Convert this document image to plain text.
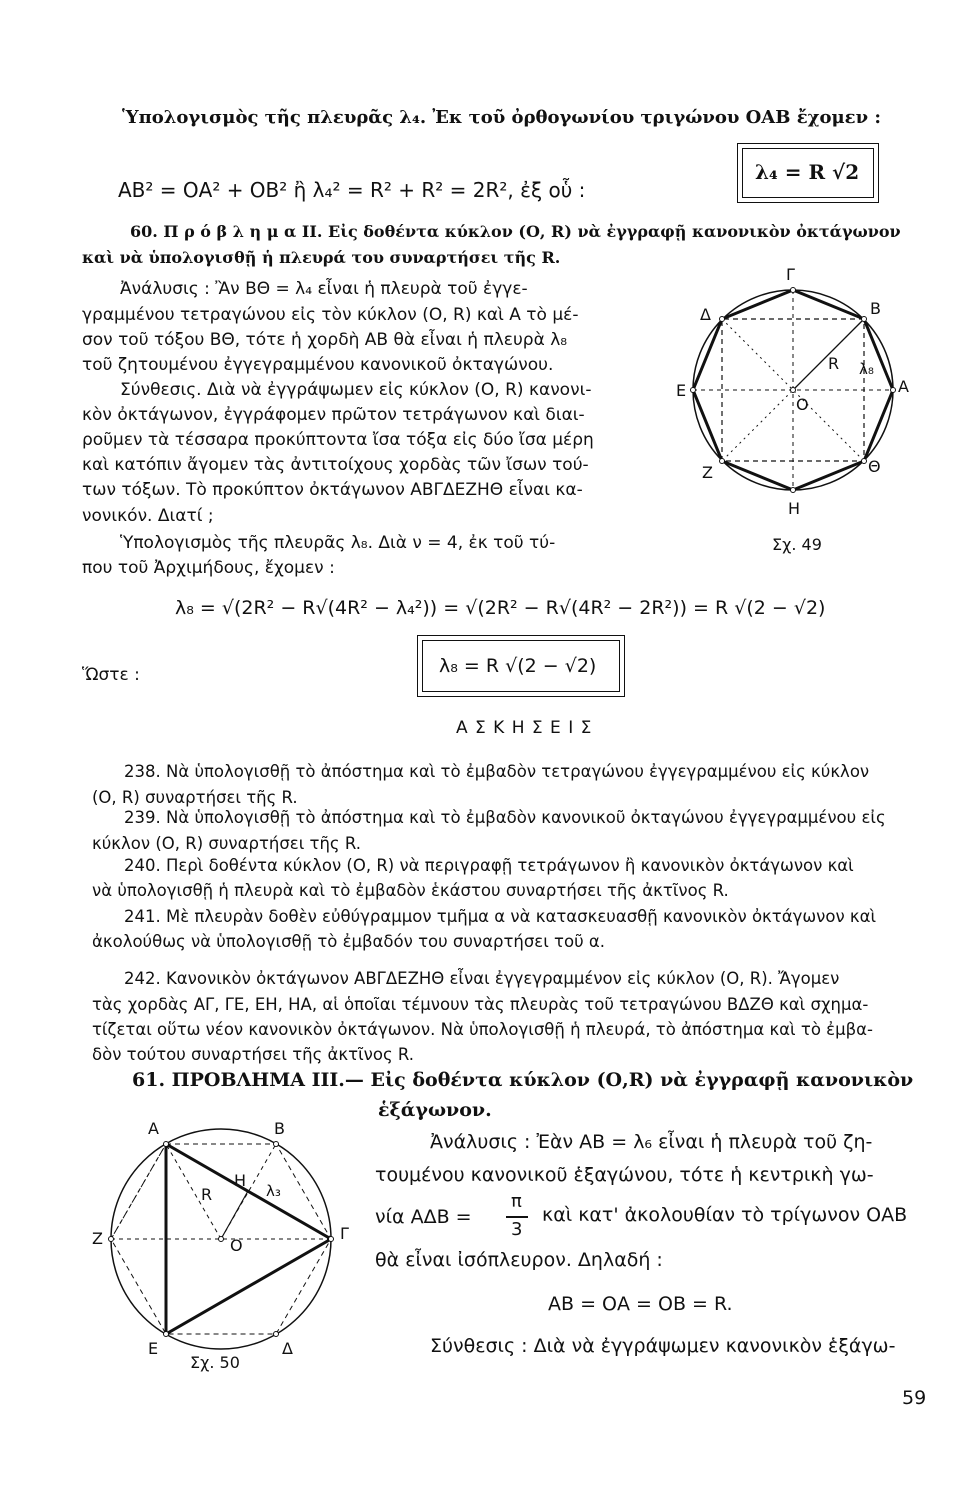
Ὑπολογισμὸς τῆς πλευρᾶς λ₄. Ἐκ τοῦ ὀρθογωνίου τριγώνου ΟΑΒ ἔχομεν :
ΑΒ² = ΟΑ² + ΟΒ² ἢ λ₄² = R² + R² = 2R², ἐξ οὗ :
λ₄ = R √2
60. Π ρ ό β λ η μ α II. Εἰς δοθέντα κύκλον (Ο, R) νὰ ἐγγραφῇ κανονικὸν ὀκτάγωνον
καὶ νὰ ὑπολογισθῇ ἡ πλευρά του συναρτήσει τῆς R.
Ἀνάλυσις : Ἂν ΒΘ = λ₄ εἶναι ἡ πλευρὰ τοῦ ἐγγε-
γραμμένου τετραγώνου εἰς τὸν κύκλον (Ο, R) καὶ Α τὸ μέ-
σον τοῦ τόξου ΒΘ, τότε ἡ χορδὴ ΑΒ θὰ εἶναι ἡ πλευρὰ λ₈
τοῦ ζητουμένου ἐγγεγραμμένου κανονικοῦ ὀκταγώνου.
Σύνθεσις. Διὰ νὰ ἐγγράψωμεν εἰς κύκλον (Ο, R) κανονι-
κὸν ὀκτάγωνον, ἐγγράφομεν πρῶτον τετράγωνον καὶ διαι-
ροῦμεν τὰ τέσσαρα προκύπτοντα ἴσα τόξα εἰς δύο ἴσα μέρη
καὶ κατόπιν ἄγομεν τὰς ἀντιτοίχους χορδὰς τῶν ἴσων τού-
των τόξων. Τὸ προκύπτον ὀκτάγωνον ΑΒΓΔΕΖΗΘ εἶναι κα-
νονικόν. Διατί ;
Ὑπολογισμὸς τῆς πλευρᾶς λ₈. Διὰ ν = 4, ἐκ τοῦ τύ-
που τοῦ Ἀρχιμήδους, ἔχομεν :
λ₈ = √(2R² − R√(4R² − λ₄²)) = √(2R² − R√(4R² − 2R²)) = R √(2 − √2)
Ὥστε :	λ₈ = R √(2 − √2)
Α Σ Κ Η Σ Ε Ι Σ
238. Νὰ ὑπολογισθῇ τὸ ἀπόστημα καὶ τὸ ἐμβαδὸν τετραγώνου ἐγγεγραμμένου εἰς κύκλον
(Ο, R) συναρτήσει τῆς R.
239. Νὰ ὑπολογισθῇ τὸ ἀπόστημα καὶ τὸ ἐμβαδὸν κανονικοῦ ὀκταγώνου ἐγγεγραμμένου εἰς
κύκλον (Ο, R) συναρτήσει τῆς R.
240. Περὶ δοθέντα κύκλον (Ο, R) νὰ περιγραφῇ τετράγωνον ἢ κανονικὸν ὀκτάγωνον καὶ
νὰ ὑπολογισθῇ ἡ πλευρὰ καὶ τὸ ἐμβαδὸν ἑκάστου συναρτήσει τῆς ἀκτῖνος R.
241. Μὲ πλευρὰν δοθὲν εὐθύγραμμον τμῆμα α νὰ κατασκευασθῇ κανονικὸν ὀκτάγωνον καὶ
ἀκολούθως νὰ ὑπολογισθῇ τὸ ἐμβαδόν του συναρτήσει τοῦ α.
242. Κανονικὸν ὀκτάγωνον ΑΒΓΔΕΖΗΘ εἶναι ἐγγεγραμμένον εἰς κύκλον (Ο, R). Ἄγομεν
τὰς χορδὰς ΑΓ, ΓΕ, ΕΗ, ΗΑ, αἱ ὁποῖαι τέμνουν τὰς πλευρὰς τοῦ τετραγώνου ΒΔΖΘ καὶ σχημα-
τίζεται οὕτω νέον κανονικὸν ὀκτάγωνον. Νὰ ὑπολογισθῇ ἡ πλευρά, τὸ ἀπόστημα καὶ τὸ ἐμβα-
δὸν τούτου συναρτήσει τῆς ἀκτῖνος R.
61. ΠΡΟΒΛΗΜΑ III.— Εἰς δοθέντα κύκλον (Ο,R) νὰ ἐγγραφῇ κανονικὸν
ἑξάγωνον.
Ἀνάλυσις : Ἐὰν ΑΒ = λ₆ εἶναι ἡ πλευρὰ τοῦ ζη-
τουμένου κανονικοῦ ἑξαγώνου, τότε ἡ κεντρικὴ γω-
νία ΑΔΒ =
π
3
καὶ κατ' ἀκολουθίαν τὸ τρίγωνον ΟΑΒ
θὰ εἶναι ἰσόπλευρον. Δηλαδή :
ΑΒ = ΟΑ = ΟΒ = R.
Σύνθεσις : Διὰ νὰ ἐγγράψωμεν κανονικὸν ἑξάγω-
59
Α
Β
Γ
Δ
Ε
Ζ
Η
Θ
Ο
R λ₈
Σχ. 49
Α	Β
Γ
Δ
Ε
Ζ
Η
Ο
R	λ₃
Σχ. 50
